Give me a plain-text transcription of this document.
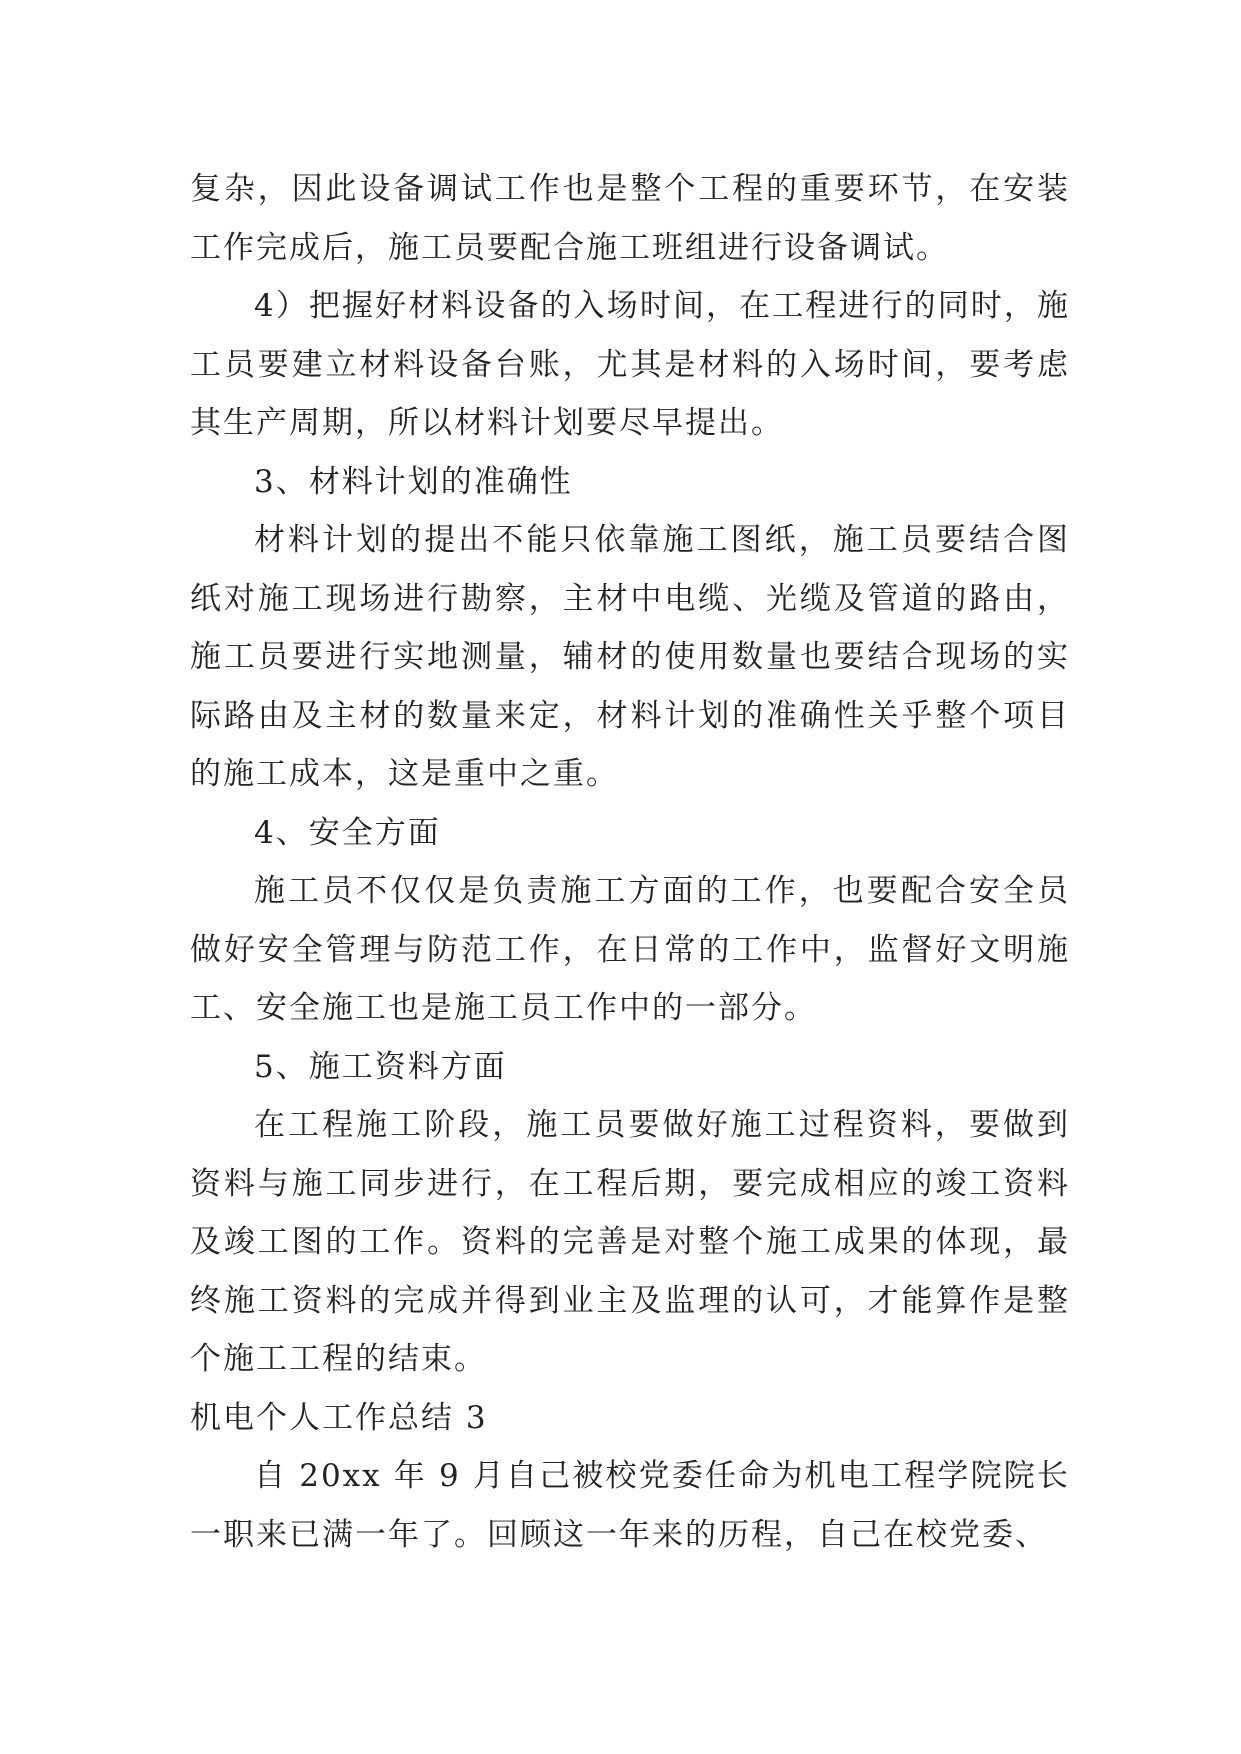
复杂，因此设备调试工作也是整个工程的重要环节，在安装工作完成后，施工员要配合施工班组进行设备调试。

4）把握好材料设备的入场时间，在工程进行的同时，施工员要建立材料设备台账，尤其是材料的入场时间，要考虑其生产周期，所以材料计划要尽早提出。

3、材料计划的准确性

材料计划的提出不能只依靠施工图纸，施工员要结合图纸对施工现场进行勘察，主材中电缆、光缆及管道的路由，施工员要进行实地测量，辅材的使用数量也要结合现场的实际路由及主材的数量来定，材料计划的准确性关乎整个项目的施工成本，这是重中之重。

4、安全方面

施工员不仅仅是负责施工方面的工作，也要配合安全员做好安全管理与防范工作，在日常的工作中，监督好文明施工、安全施工也是施工员工作中的一部分。

5、施工资料方面

在工程施工阶段，施工员要做好施工过程资料，要做到资料与施工同步进行，在工程后期，要完成相应的竣工资料及竣工图的工作。资料的完善是对整个施工成果的体现，最终施工资料的完成并得到业主及监理的认可，才能算作是整个施工工程的结束。

机电个人工作总结 3

自 20xx 年 9 月自己被校党委任命为机电工程学院院长一职来已满一年了。回顾这一年来的历程，自己在校党委、
